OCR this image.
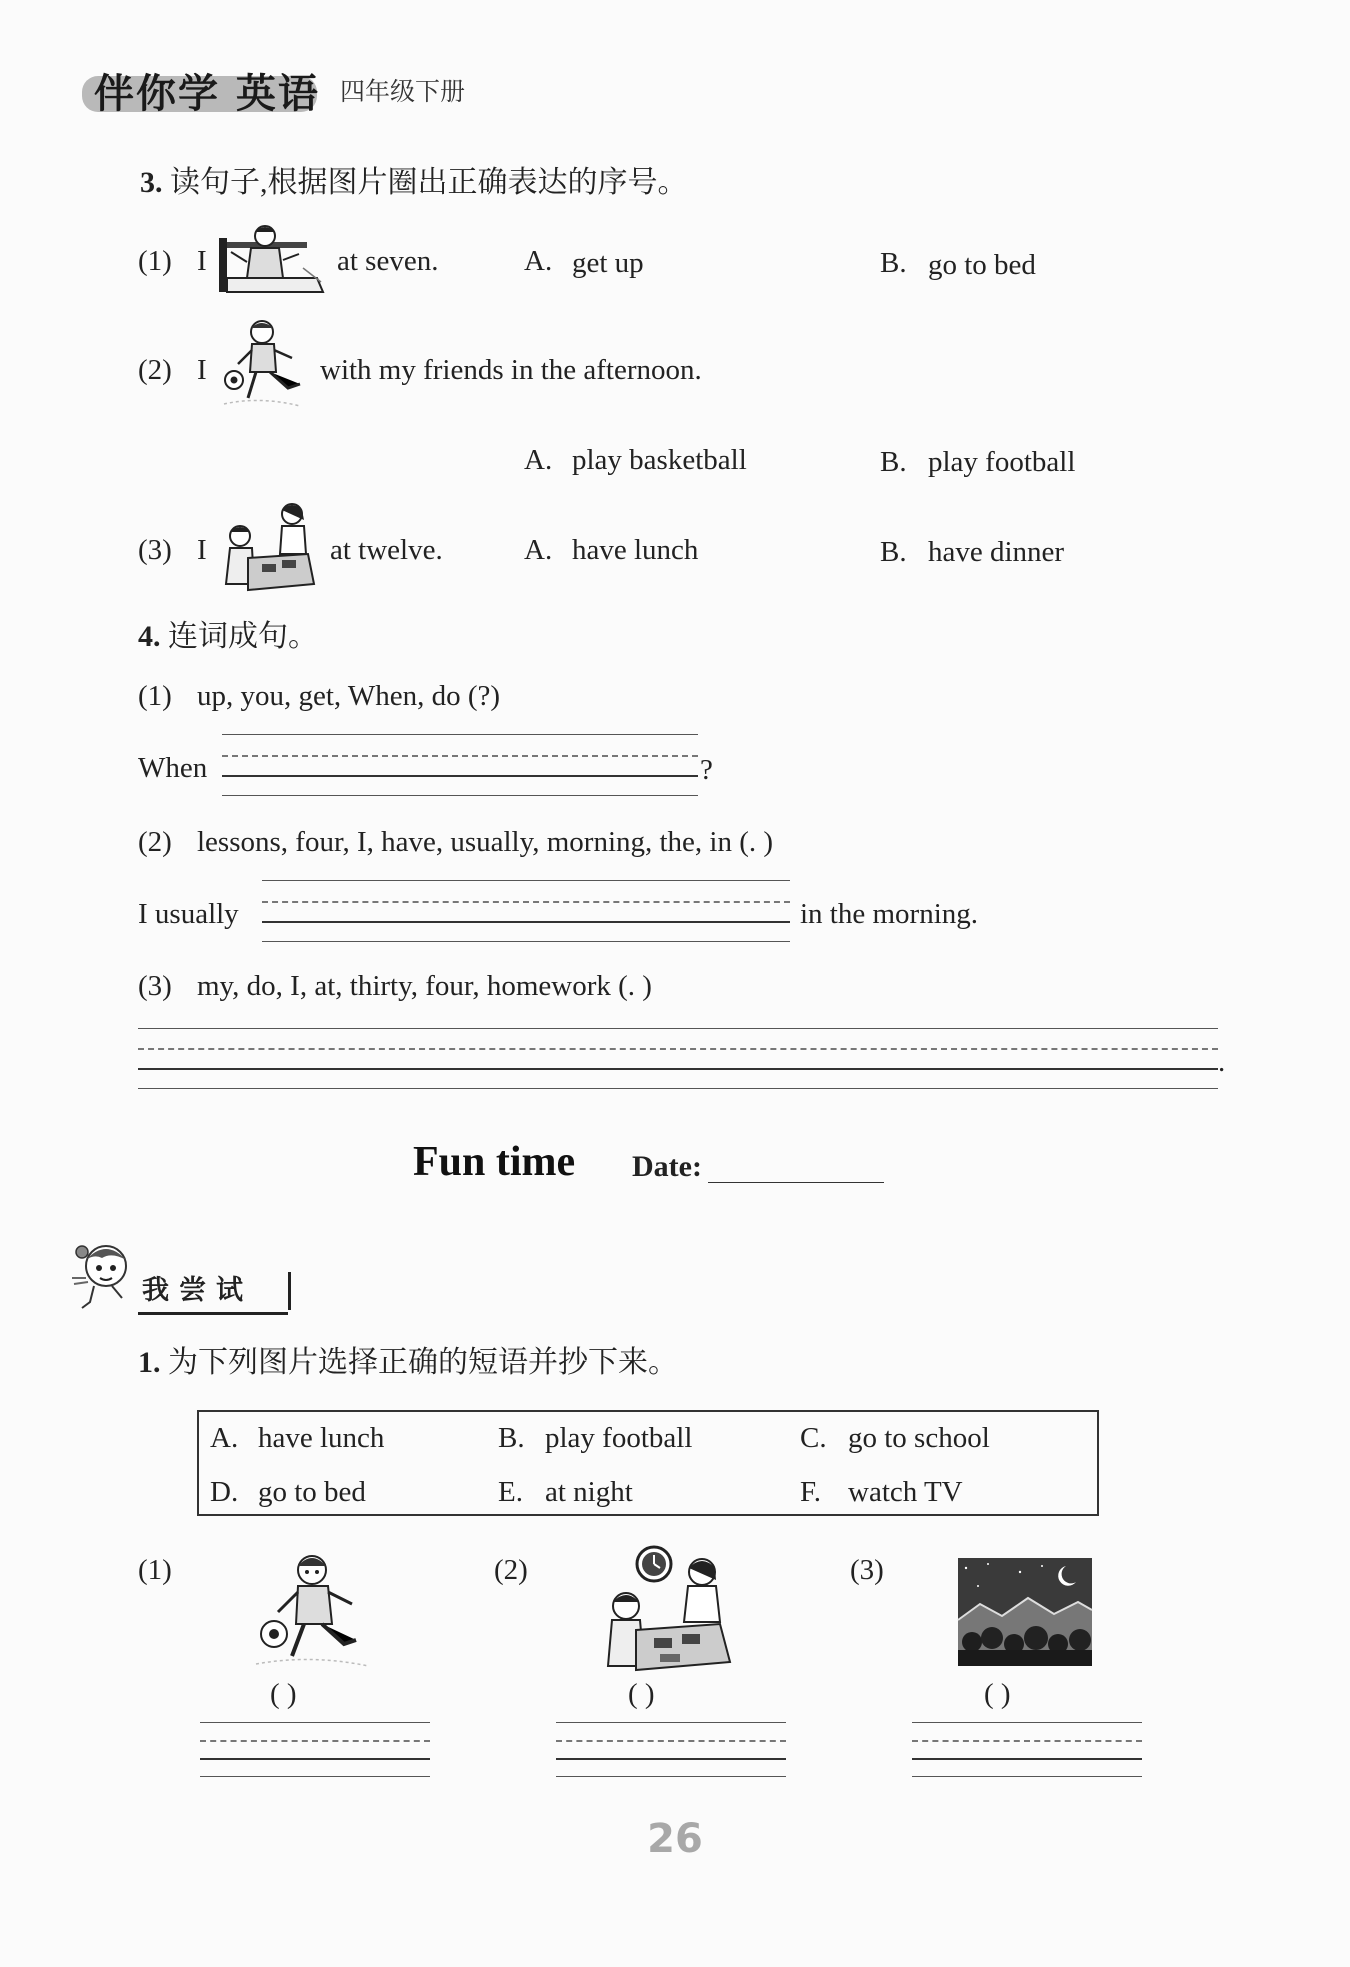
伴你学 英语 四年级下册
3. 读句子,根据图片圈出正确表达的序号。
(1) I	at seven.	A. get up	B. go to bed
(2) I	with my friends in the afternoon.
A. play basketball	B. play football
(3) I	at twelve.	A. have lunch	B. have dinner
4. 连词成句。
(1) up, you, get, When, do (?)
When	?
(2) lessons, four, I, have, usually, morning, the, in (. )
I usually	in the morning.
(3) my, do, I, at, thirty, four, homework (. )
.
Fun time Date:
我尝试
1. 为下列图片选择正确的短语并抄下来。
A. have lunch	B. play football	C. go to school
D. go to bed	E. at night	F. watch TV
(1)
( )
(2)
( )
(3)
( )
26
